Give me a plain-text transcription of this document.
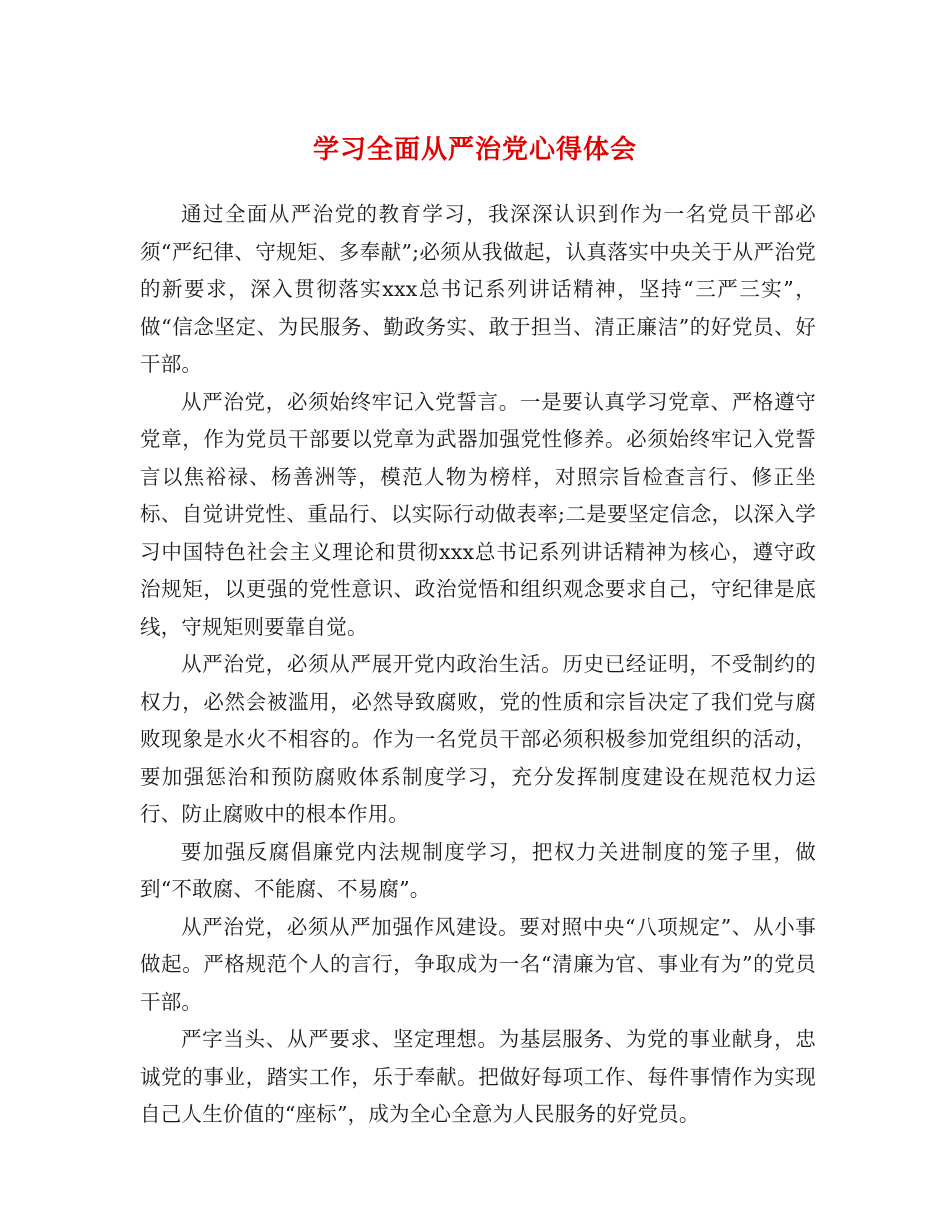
学习全面从严治党心得体会

通过全面从严治党的教育学习，我深深认识到作为一名党员干部必须“严纪律、守规矩、多奉献”;必须从我做起，认真落实中央关于从严治党的新要求，深入贯彻落实xxx总书记系列讲话精神，坚持“三严三实”，做“信念坚定、为民服务、勤政务实、敢于担当、清正廉洁”的好党员、好干部。

从严治党，必须始终牢记入党誓言。一是要认真学习党章、严格遵守党章，作为党员干部要以党章为武器加强党性修养。必须始终牢记入党誓言以焦裕禄、杨善洲等，模范人物为榜样，对照宗旨检查言行、修正坐标、自觉讲党性、重品行、以实际行动做表率;二是要坚定信念，以深入学习中国特色社会主义理论和贯彻xxx总书记系列讲话精神为核心，遵守政治规矩，以更强的党性意识、政治觉悟和组织观念要求自己，守纪律是底线，守规矩则要靠自觉。

从严治党，必须从严展开党内政治生活。历史已经证明，不受制约的权力，必然会被滥用，必然导致腐败，党的性质和宗旨决定了我们党与腐败现象是水火不相容的。作为一名党员干部必须积极参加党组织的活动，要加强惩治和预防腐败体系制度学习，充分发挥制度建设在规范权力运行、防止腐败中的根本作用。

要加强反腐倡廉党内法规制度学习，把权力关进制度的笼子里，做到“不敢腐、不能腐、不易腐”。

从严治党，必须从严加强作风建设。要对照中央“八项规定”、从小事做起。严格规范个人的言行，争取成为一名“清廉为官、事业有为”的党员干部。

严字当头、从严要求、坚定理想。为基层服务、为党的事业献身，忠诚党的事业，踏实工作，乐于奉献。把做好每项工作、每件事情作为实现自己人生价值的“座标”，成为全心全意为人民服务的好党员。
